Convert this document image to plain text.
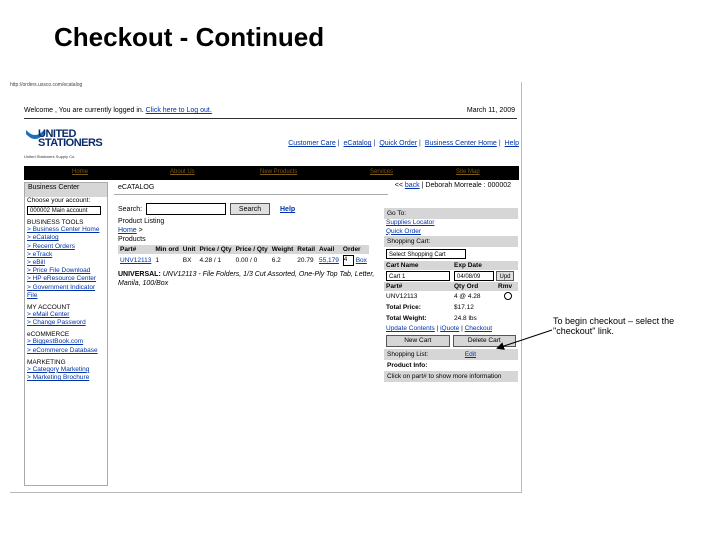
Checkout - Continued
http://orders.ussco.com/ecatalog
Welcome , You are currently logged in. Click here to Log out.	March 11, 2009
UNITED
STATIONERS
United Stationers Supply Co.
Customer Care | eCatalog | Quick Order | Business Center Home | Help
Home	About Us	New Products	Services	Site Map
Business Center
Choose your account:
000002 Main account
BUSINESS TOOLS
> Business Center Home
> eCatalog
> Recent Orders
> eTrack
> eBill
> Price File Download
> HP eResource Center
> Government Indicator File
MY ACCOUNT
> eMail Center
> Change Password
eCOMMERCE
> BiggestBook.com
> eCommerce Database
MARKETING
> Category Marketing
> Marketing Brochure
eCATALOG
Search:	Search	Help
Product Listing
Home >
Products
Part#	Min ord	Unit	Price / Qty	Price / Qty	Weight	Retail	Avail	Order
UNV12113	1	BX	4.28 / 1	0.00 / 0	6.2	20.79	55,179	4 Box
UNIVERSAL: UNV12113 - File Folders, 1/3 Cut Assorted, One-Ply Top Tab, Letter, Manila, 100/Box
<< back | Deborah Morreale : 000002
Go To:
Supplies Locator
Quick Order
Shopping Cart:
Select Shopping Cart
Cart Name	Exp Date
Cart 1	04/08/09	Upd
Part#	Qty Ord	Rmv
UNV12113	4 @ 4.28
Total Price:	$17.12
Total Weight:	24.8 lbs
Update Contents | iQuote | Checkout
New Cart	Delete Cart
Shopping List:	Edit
Product Info:
Click on part# to show more information
To begin checkout – select the "checkout" link.
